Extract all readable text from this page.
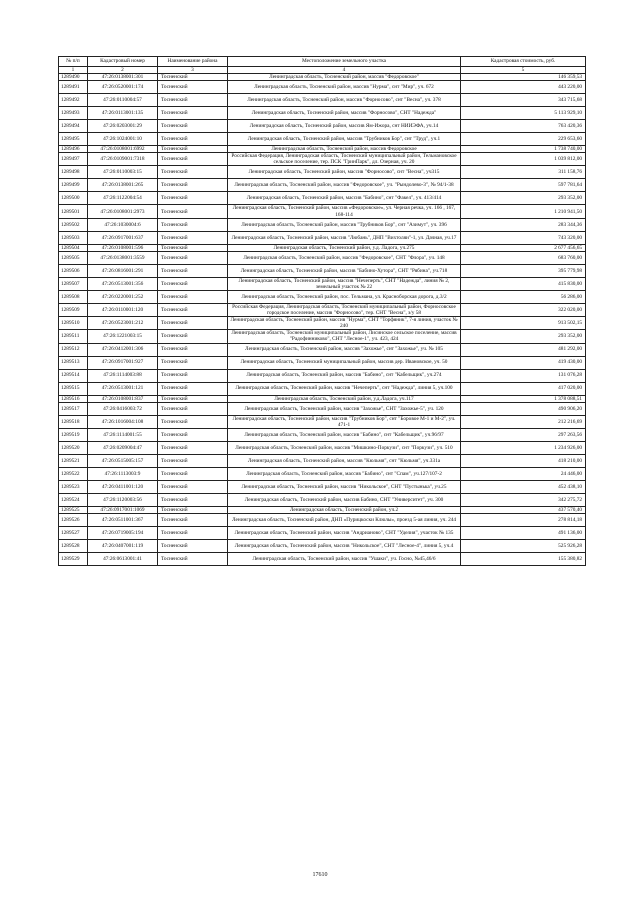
№ п/п	Кадастровый номер	Наименование района	Местоположение земельного участка	Кадастровая стоимость, руб.
1	2	3	4	5
1289490	47:26:0138001:301	Тосненский	Ленинградская область, Тосненский район, массив "Федоровское"	146 359,53
1289491	47:26:0520001:174	Тосненский	Ленинградская область, Тосненский район, массив "Нурма", снт "Мир", уч. 672	443 220,00
1289492	47:26:0110004:57	Тосненский	Ленинградская область, Тосненский район, массив "Форносово", снт "Весна", уч. 378	343 715,68
1289493	47:26:0113001:135	Тосненский	Ленинградская область, Тосненский район, массив "Форносово", СНТ "Надежда"	5 113 929,10
1289494	47:26:0203001:29	Тосненский	Ленинградская область, Тосненский район, массив Ям-Ижора, снт НИИЭФА, уч.14	763 420,36
1289495	47:26:1024001:10	Тосненский	Ленинградская область, Тосненский район, массив "Трубников Бор", снт "Труд", уч.1	229 653,60
1289496	47:26:0108001:6992	Тосненский	Ленинградская область, Тосненский район, массив Федоровское	1 738 740,00
1289497	47:26:0109001:7318	Тосненский	Российская Федерация, Ленинградская область, Тосненский муниципальный район, Тельмановское сельское поселение, тер. ПСК "ГринПарк", дл. Озерная, уч. 20	1 039 812,00
1289498	47:26:0110003:15	Тосненский	Ленинградская область, Тосненский район, массив "Форносово", снт "Весна", уч315	311 158,76
1289499	47:26:0138001:265	Тосненский	Ленинградская область, Тосненский район, массив "Федоровское", уч. "Рындолево-3", № 94/1-38	597 781,64
1289500	47:26:1122004:54	Тосненский	Ленинградская область, Тосненский район, массив "Бабино", снт "Факел", уч. 413/414	293 352,00
1289501	47:26:0108001:2973	Тосненский	Ленинградская область, Тосненский район, массив «Федоровское», ул. Черная речка, уч. 166 , 167, 168-114	1 210 941,50
1289502	47:26:1030004:6	Тосненский	Ленинградская область, Тосненский район, массив "Трубников Бор", снт "Азимут", уч. 396	283 344,36
1289503	47:26:0917001:637	Тосненский	Ленинградская область, Тосненский район, массив "Любань", ДНП "Вихтоляи"-1, ул. Дачная, уч.17	743 320,00
1289504	47:26:0108001:596	Тосненский	Ленинградская область, Тосненский район, у.д. Ладога, уч.275	2 677 456,65
1289505	47:26:0138001:3559	Тосненский	Ленинградская область, Тосненский район, массив "Федоровское", СНТ "Флора", уч. 148	683 760,00
1289506	47:26:0816001:291	Тосненский	Ленинградская область, Тосненский район, массив "Бабино-Хутора", СНТ "Рябина", уч.718	395 779,98
1289507	47:26:0513001:356	Тосненский	Ленинградская область, Тосненский район, массив "Нечеперть", СНТ "Надежда", линия № 2, земельный участок № 22	415 830,00
1289508	47:26:0220001:252	Тосненский	Ленинградская область, Тосненский район, пос. Тельмана, ул. Красноборская дорога, д.3/2	56 286,00
1289509	47:26:0110001:120	Тосненский	Российская Федерация, Ленинградская область, Тосненский муниципальный район, Форносовское городское поселение, массив "Форносово", тер. СНТ "Весна", з/у 58	322 020,00
1289510	47:26:0523001:212	Тосненский	Ленинградская область, Тосненский район, массив "Нурма", СНТ "Торфяник", 7-я линия, участок № 240	913 502,15
1289511	47:26:1221003:15	Тосненский	Ленинградская область, Тосненский муниципальный район, Лисинское сельское поселение, массив "Радофинниково", СНТ "Лесное-1", уч. 423, 424	293 352,00
1289512	47:26:0412001:306	Тосненский	Ленинградская область, Тосненский район, массив "Захожье", снт "Захожье", уч. № 105	481 292,00
1289513	47:26:0917001:927	Тосненский	Ленинградская область, Тосненский муниципальный район, массив дер. Ивановское, уч. 50	419 430,00
1289514	47:26:1114003:88	Тосненский	Ленинградская область, Тосненский район, массив "Бабино", снт "Кабельщик", уч.274	131 076,28
1289515	47:26:0513001:121	Тосненский	Ленинградская область, Тосненский район, массив "Нечеперть", снт "Надежда", линия 5, уч.100	417 020,00
1289516	47:26:0108001:837	Тосненский	Ленинградская область, Тосненский район, у.д.Ладога, уч.117	1 378 088,51
1289517	47:26:0416003:72	Тосненский	Ленинградская область, Тосненский район, массив "Захожье", СНТ "Захожье-5", уч. 120	490 906,20
1289518	47:26:1016004:108	Тосненский	Ленинградская область, Тосненский район, массив "Трубников Бор", снт "Боровое М-1 и М-2", уч. 471-1	212 216,69
1289519	47:26:1114001:55	Тосненский	Ленинградская область, Тосненский район, массив "Бабино", снт "Кабельщик", уч.96/97	297 263,56
1289520	47:26:0209004:47	Тосненский	Ленинградская область, Тосненский район, массив "Мишкино-Поркузи", снт "Поркузи", уч. 510	1 234 926,00
1289521	47:26:0515005:157	Тосненский	Ленинградская область, Тосненский район, массив "Кюльмя", снт "Кюльмя", уч.331а	418 210,00
1289522	47:26:1113003:9	Тосненский	Ленинградская область, Тосненский район, массив "Бабино", снт "Спам", уч.127/107-2	24 446,00
1289523	47:26:0411001:120	Тосненский	Ленинградская область, Тосненский район, массив "Никольское", СНТ "Пустынька", уч.25	452 438,10
1289524	47:26:1120003:56	Тосненский	Ленинградская область, Тосненский район, массив Бабино, СНТ "Университет", уч. 300	342 275,72
1289525	47:26:0917001:1069	Тосненский	Ленинградская область, Тосненский район, уч.2	437 570,40
1289526	47:26:0511001:367	Тосненский	Ленинградская область, Тосненский район, ДНП «Пурицкоски Клюлы», проезд 5-ая линия, уч. 244	278 814,18
1289527	47:26:0719005:194	Тосненский	Ленинградская область, Тосненский район, массив "Андрианово", СНТ "Уделия", участок № 135	491 136,00
1289528	47:26:0407001:119	Тосненский	Ленинградская область, Тосненский район, массив "Никольское", СНТ "Лесное-4", линия 5, уч.4	525 926,28
1289529	47:26:0613001:41	Тосненский	Ленинградская область, Тосненский район, массив "Ушаки", уч. Госно, №45,46/6	155 380,82
17610
